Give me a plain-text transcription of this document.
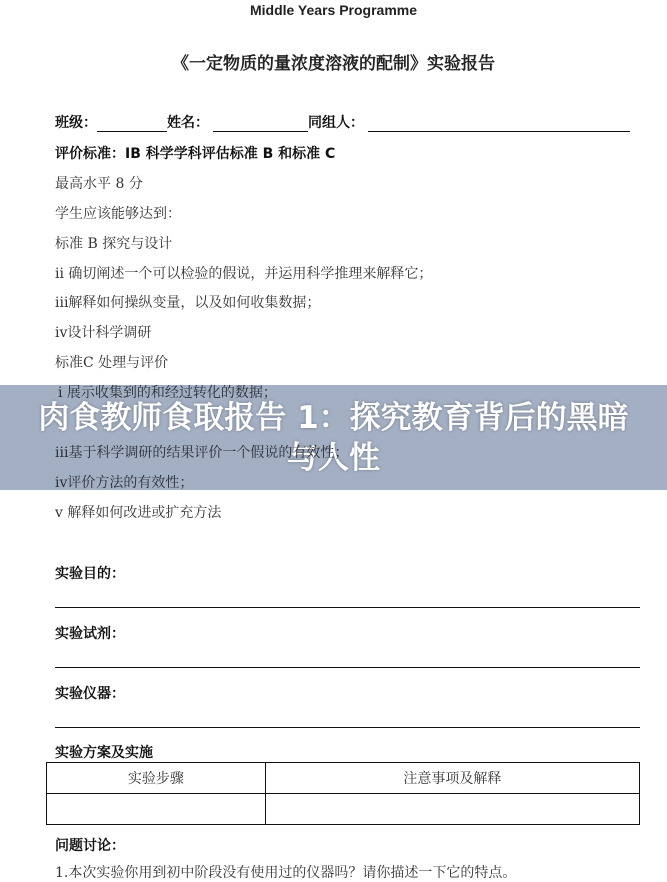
Middle Years Programme
《一定物质的量浓度溶液的配制》实验报告
班级：	姓名：	同组人：
评价标准：IB 科学学科评估标准 B 和标准 C
最高水平 8 分
学生应该能够达到：
标准 B 探究与设计
ii 确切阐述一个可以检验的假说，并运用科学推理来解释它；
iii解释如何操纵变量，以及如何收集数据；
iv设计科学调研
标准C 处理与评价
i 展示收集到的和经过转化的数据；
iii基于科学调研的结果评价一个假说的有效性；
iv评价方法的有效性；
v 解释如何改进或扩充方法
实验目的：
实验试剂：
实验仪器：
实验方案及实施
实验步骤	注意事项及解释

问题讨论：
1.本次实验你用到初中阶段没有使用过的仪器吗？请你描述一下它的特点。
肉食教师食取报告 1：探究教育背后的黑暗与人性
